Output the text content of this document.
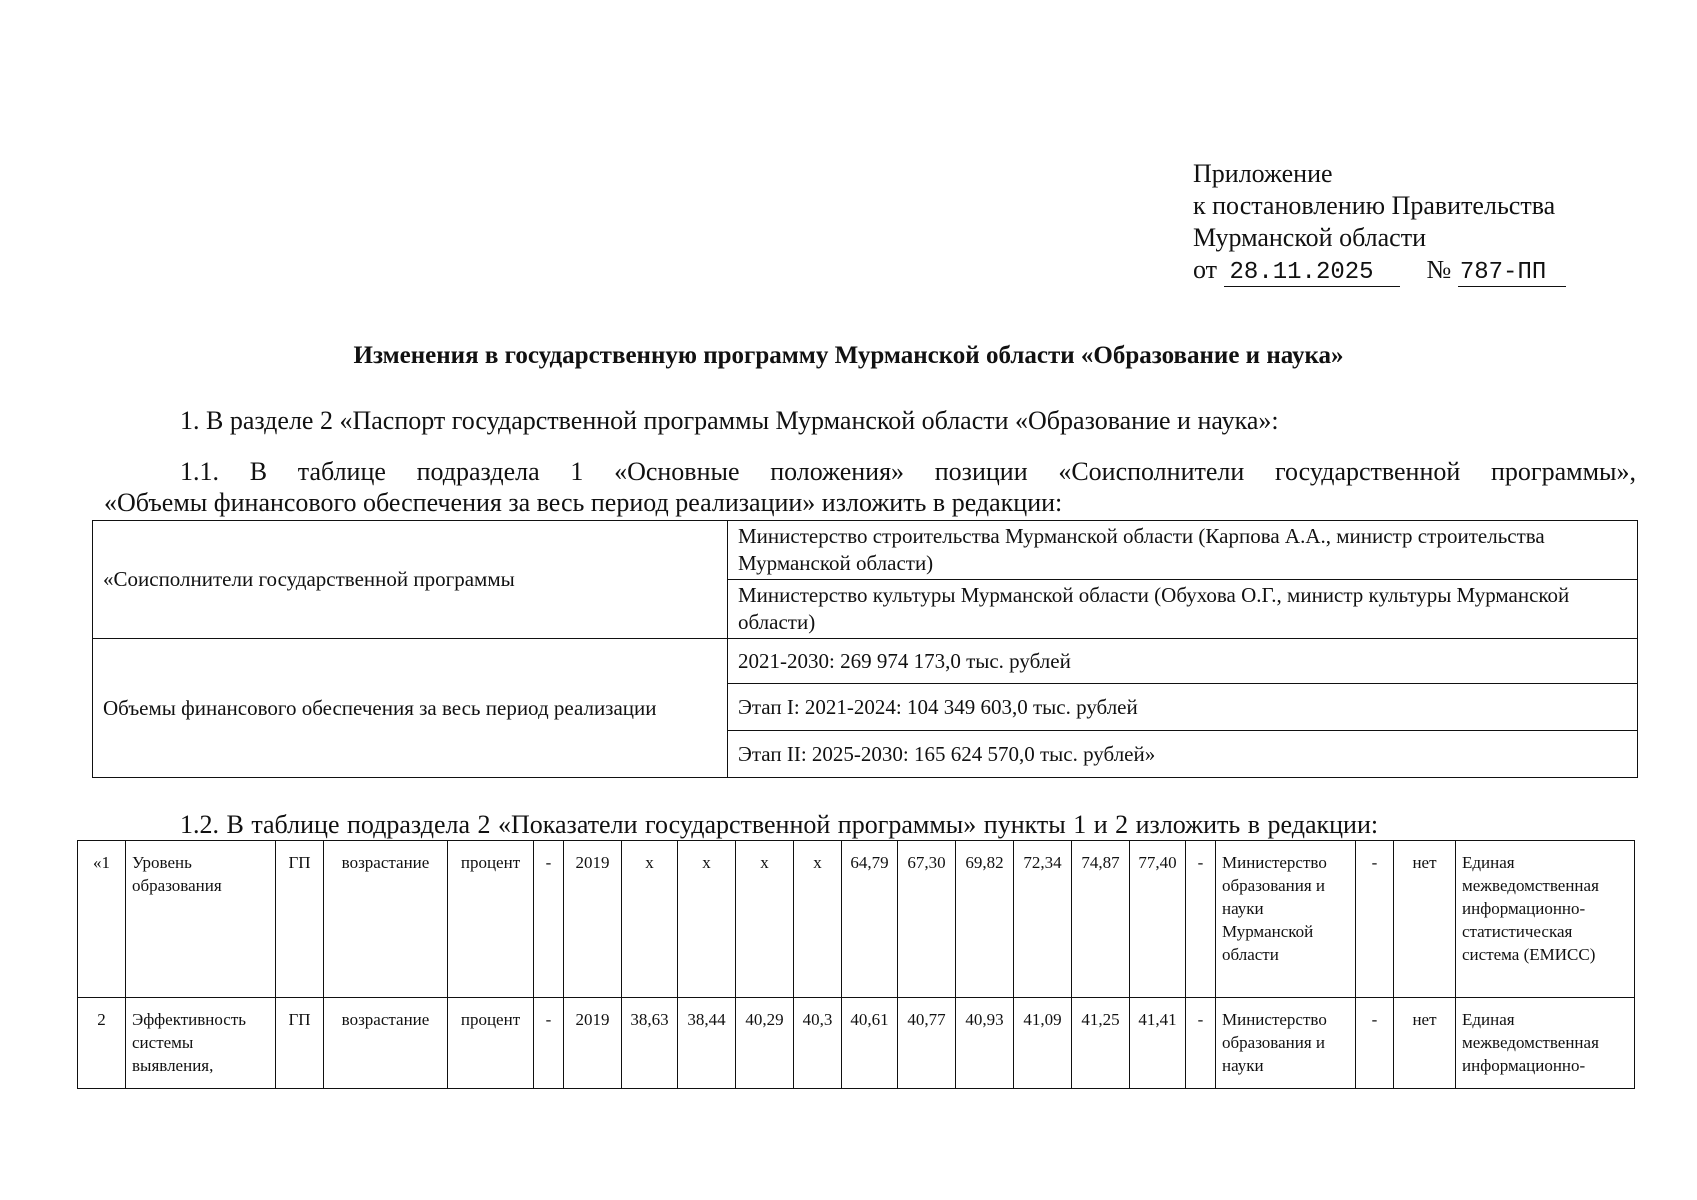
Приложение
к постановлению Правительства
Мурманской области
от 28.11.2025 № 787-ПП
Изменения в государственную программу Мурманской области «Образование и наука»
1. В разделе 2 «Паспорт государственной программы Мурманской области «Образование и наука»:
1.1. В таблице подраздела 1 «Основные положения» позиции «Соисполнители государственной программы»,
«Объемы финансового обеспечения за весь период реализации» изложить в редакции:
«Соисполнители государственной программы	Министерство строительства Мурманской области (Карпова А.А., министр строительства Мурманской области)
	Министерство культуры Мурманской области (Обухова О.Г., министр культуры Мурманской области)
Объемы финансового обеспечения за весь период реализации	2021-2030: 269 974 173,0 тыс. рублей
	Этап I: 2021-2024: 104 349 603,0 тыс. рублей
	Этап II: 2025-2030: 165 624 570,0 тыс. рублей»
1.2. В таблице подраздела 2 «Показатели государственной программы» пункты 1 и 2 изложить в редакции:
«1	Уровень образования	ГП	возрастание	процент	-	2019	х	х	х	х	64,79	67,30	69,82	72,34	74,87	77,40	-	Министерство образования и науки Мурманской области	-	нет	Единая межведомственная информационно-статистическая система (ЕМИСС)
2	Эффективность системы выявления,	ГП	возрастание	процент	-	2019	38,63	38,44	40,29	40,3	40,61	40,77	40,93	41,09	41,25	41,41	-	Министерство образования и науки	-	нет	Единая межведомственная информационно-
